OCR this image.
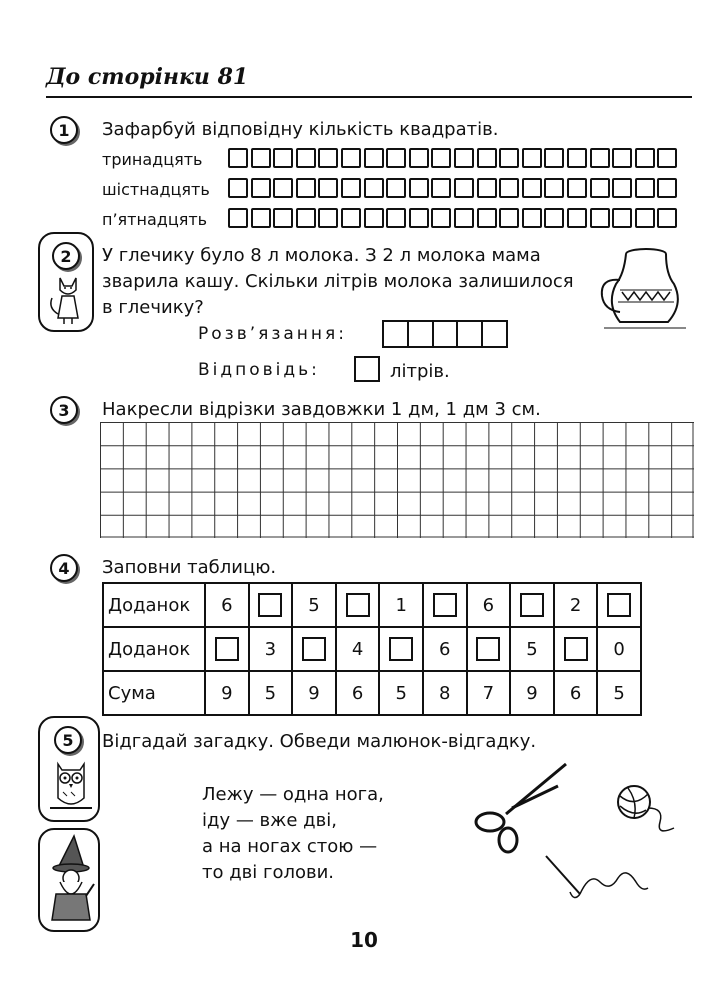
До сторінки 81
1	Зафарбуй відповідну кількість квадратів.
тринадцять
шістнадцять
п’ятнадцять
2	У глечику було 8 л молока. З 2 л молока мама
зварила кашу. Скільки літрів молока залишилося
в глечику?
Розв’язання:
Відповідь:	літрів.
3	Накресли відрізки завдовжки 1 дм, 1 дм 3 см.
4	Заповни таблицю.
Доданок	6		5		1		6		2	
Доданок		3		4		6		5		0
Сума	9	5	9	6	5	8	7	9	6	5
5	Відгадай загадку. Обведи малюнок-відгадку.
Лежу — одна нога,
іду — вже дві,
а на ногах стою —
то дві голови.
10
